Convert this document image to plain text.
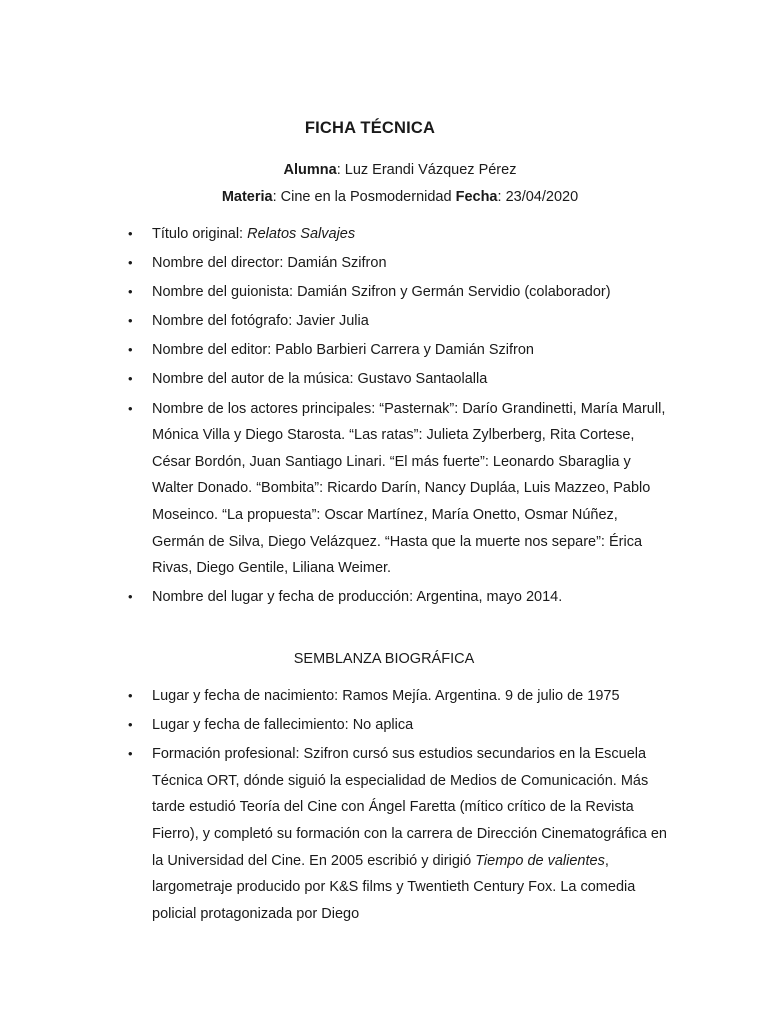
FICHA TÉCNICA
Alumna: Luz Erandi Vázquez Pérez
Materia: Cine en la Posmodernidad Fecha: 23/04/2020
• Título original: Relatos Salvajes
• Nombre del director: Damián Szifron
• Nombre del guionista: Damián Szifron y Germán Servidio (colaborador)
• Nombre del fotógrafo: Javier Julia
• Nombre del editor: Pablo Barbieri Carrera y Damián Szifron
• Nombre del autor de la música: Gustavo Santaolalla
• Nombre de los actores principales: “Pasternak”: Darío Grandinetti, María Marull, Mónica Villa y Diego Starosta. “Las ratas”: Julieta Zylberberg, Rita Cortese, César Bordón, Juan Santiago Linari. “El más fuerte”: Leonardo Sbaraglia y Walter Donado. “Bombita”: Ricardo Darín, Nancy Dupláa, Luis Mazzeo, Pablo Moseinco. “La propuesta”: Oscar Martínez, María Onetto, Osmar Núñez, Germán de Silva, Diego Velázquez. “Hasta que la muerte nos separe”: Érica Rivas, Diego Gentile, Liliana Weimer.
• Nombre del lugar y fecha de producción: Argentina, mayo 2014.
SEMBLANZA BIOGRÁFICA
• Lugar y fecha de nacimiento: Ramos Mejía. Argentina. 9 de julio de 1975
• Lugar y fecha de fallecimiento: No aplica
• Formación profesional: Szifron cursó sus estudios secundarios en la Escuela Técnica ORT, dónde siguió la especialidad de Medios de Comunicación. Más tarde estudió Teoría del Cine con Ángel Faretta (mítico crítico de la Revista Fierro), y completó su formación con la carrera de Dirección Cinematográfica en la Universidad del Cine. En 2005 escribió y dirigió Tiempo de valientes, largometraje producido por K&S films y Twentieth Century Fox. La comedia policial protagonizada por Diego
